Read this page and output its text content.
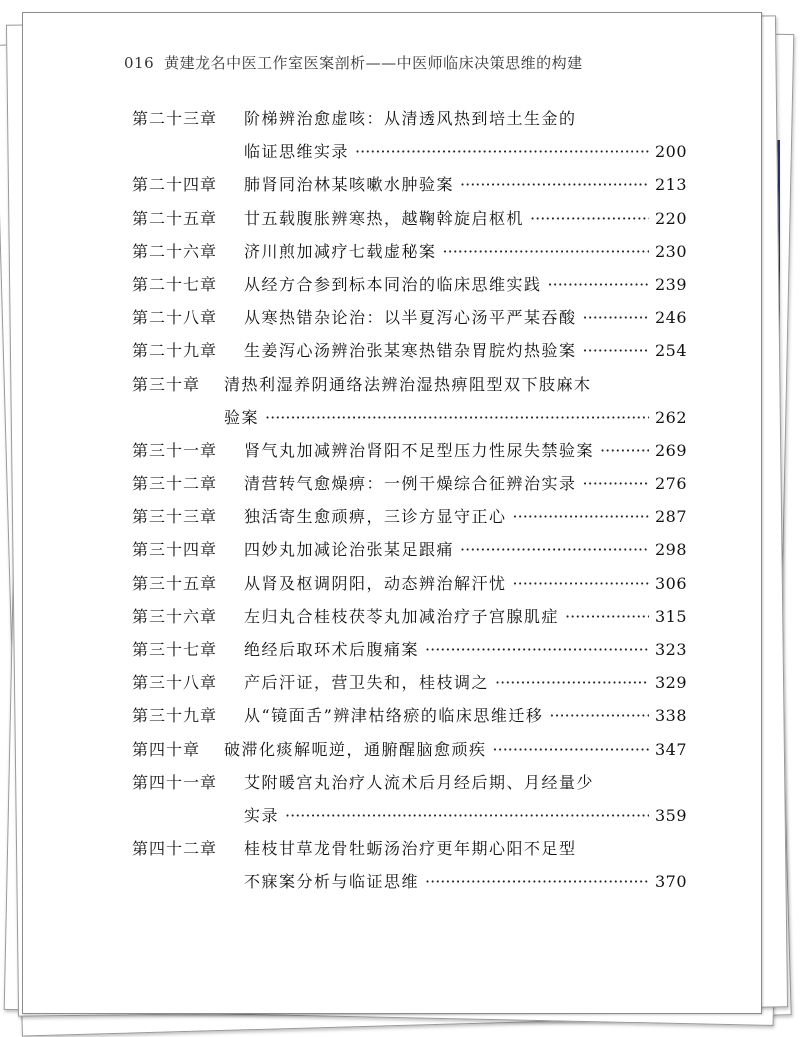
016 黄建龙名中医工作室医案剖析——中医师临床决策思维的构建
第二十三章	阶梯辨治愈虚咳：从清透风热到培土生金的
临证思维实录 ·····	200
第二十四章	肺肾同治林某咳嗽水肿验案 ·····	213
第二十五章	廿五载腹胀辨寒热，越鞠斡旋启枢机 ·····	220
第二十六章	济川煎加减疗七载虚秘案 ·····	230
第二十七章	从经方合参到标本同治的临床思维实践 ·····	239
第二十八章	从寒热错杂论治：以半夏泻心汤平严某吞酸 ·····	246
第二十九章	生姜泻心汤辨治张某寒热错杂胃脘灼热验案 ·····	254
第三十章	清热利湿养阴通络法辨治湿热痹阻型双下肢麻木
验案 ·····	262
第三十一章	肾气丸加减辨治肾阳不足型压力性尿失禁验案 ·····	269
第三十二章	清营转气愈燥痹：一例干燥综合征辨治实录 ·····	276
第三十三章	独活寄生愈顽痹，三诊方显守正心 ·····	287
第三十四章	四妙丸加减论治张某足跟痛 ·····	298
第三十五章	从肾及枢调阴阳，动态辨治解汗忧 ·····	306
第三十六章	左归丸合桂枝茯苓丸加减治疗子宫腺肌症 ·····	315
第三十七章	绝经后取环术后腹痛案 ·····	323
第三十八章	产后汗证，营卫失和，桂枝调之 ·····	329
第三十九章	从“镜面舌”辨津枯络瘀的临床思维迁移 ·····	338
第四十章	破滞化痰解呃逆，通腑醒脑愈顽疾 ·····	347
第四十一章	艾附暖宫丸治疗人流术后月经后期、月经量少
实录 ·····	359
第四十二章	桂枝甘草龙骨牡蛎汤治疗更年期心阳不足型
不寐案分析与临证思维 ·····	370
